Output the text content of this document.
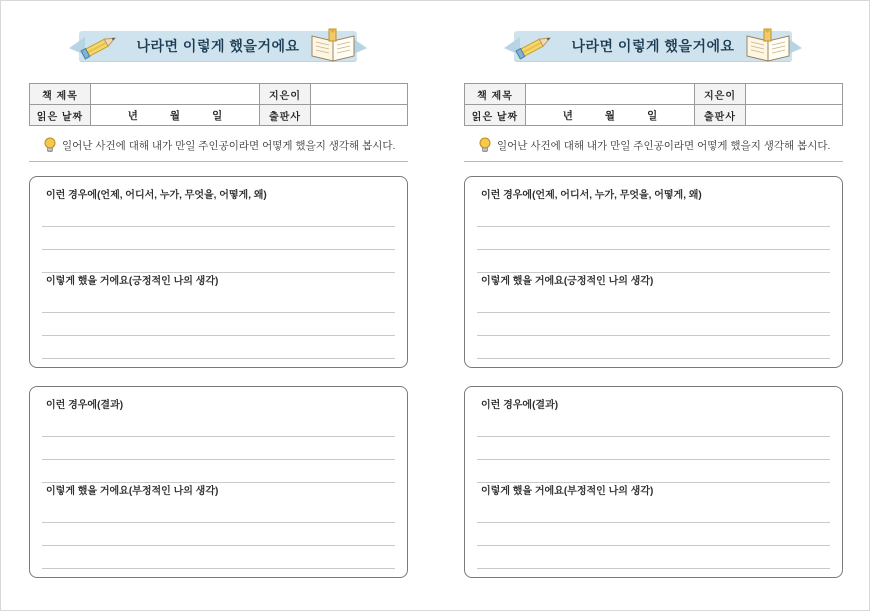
나라면 이렇게 했을거에요
책 제목		지은이	
읽은 날짜	년 월 일	출판사	
일어난 사건에 대해 내가 만일 주인공이라면 어떻게 했을지 생각해 봅시다.
이런 경우에(언제, 어디서, 누가, 무엇을, 어떻게, 왜)
이렇게 했을 거에요(긍정적인 나의 생각)
이런 경우에(결과)
이렇게 했을 거에요(부정적인 나의 생각)
나라면 이렇게 했을거에요
책 제목		지은이	
읽은 날짜	년 월 일	출판사	
일어난 사건에 대해 내가 만일 주인공이라면 어떻게 했을지 생각해 봅시다.
이런 경우에(언제, 어디서, 누가, 무엇을, 어떻게, 왜)
이렇게 했을 거에요(긍정적인 나의 생각)
이런 경우에(결과)
이렇게 했을 거에요(부정적인 나의 생각)
